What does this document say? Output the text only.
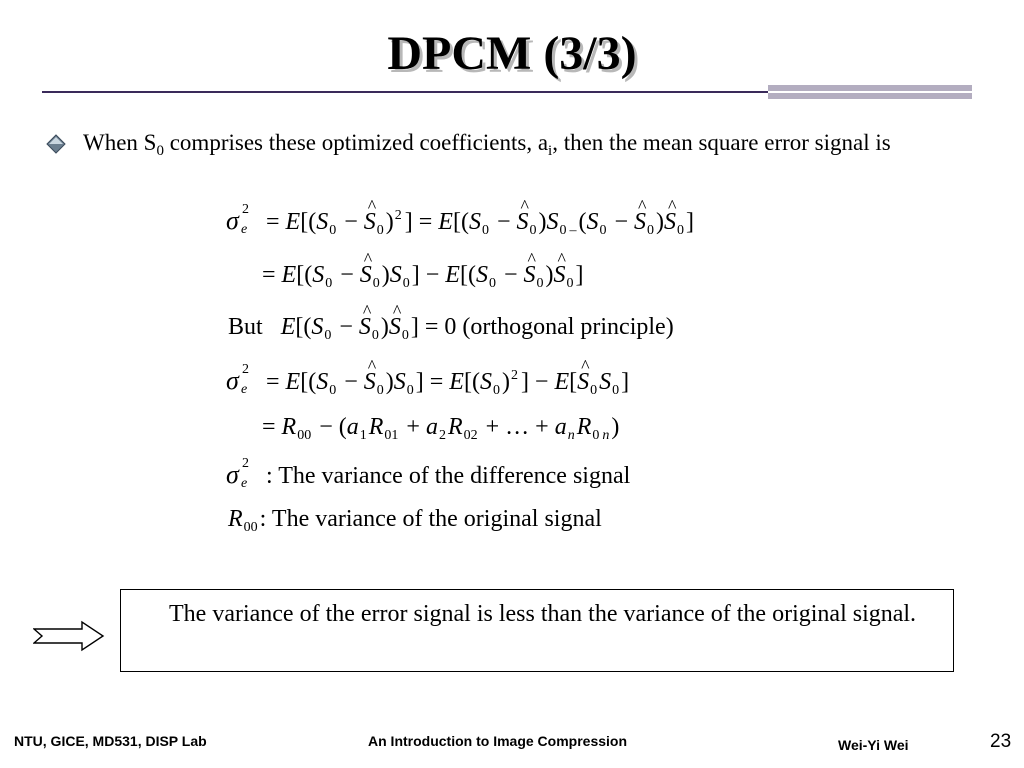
DPCM (3/3)
When $S_0$ comprises these optimized coefficients, $a_i$, then the mean square error signal is
σ 2
$e = E[(S_0$ − ^ $S_0)^2$ ] = $E[(S_0$ − ^ $S_0)S_0$ $_-(S_0$ − ^ $S_0)\^{}$ $S_0$]
= $E[(S_0$ − ^ $S_0)S_0] - E[(S_0$ − ^ $S_0)\^{}$ $S_0$]
But $E[(S_0$ − ^ $S_0)\^{}$ $S_0] = 0$ (orthogonal principle)
σ 2
$e = E[(S_0$ − ^ $S_0)S_0] = E[(S_0)^2$ ] − E[^ $S_0S_0$]
= $R_{00} - (a_1R_{01} + a_2R_{02}$ + … + $a_nR_0$ $_n$)
σ 2
e : The variance of the difference signal
$R_{00}$: The variance of the original signal
The variance of the error signal is less than the variance of the original signal.
NTU, GICE, MD531, DISP Lab	An Introduction to Image Compression	Wei-Yi Wei	23
